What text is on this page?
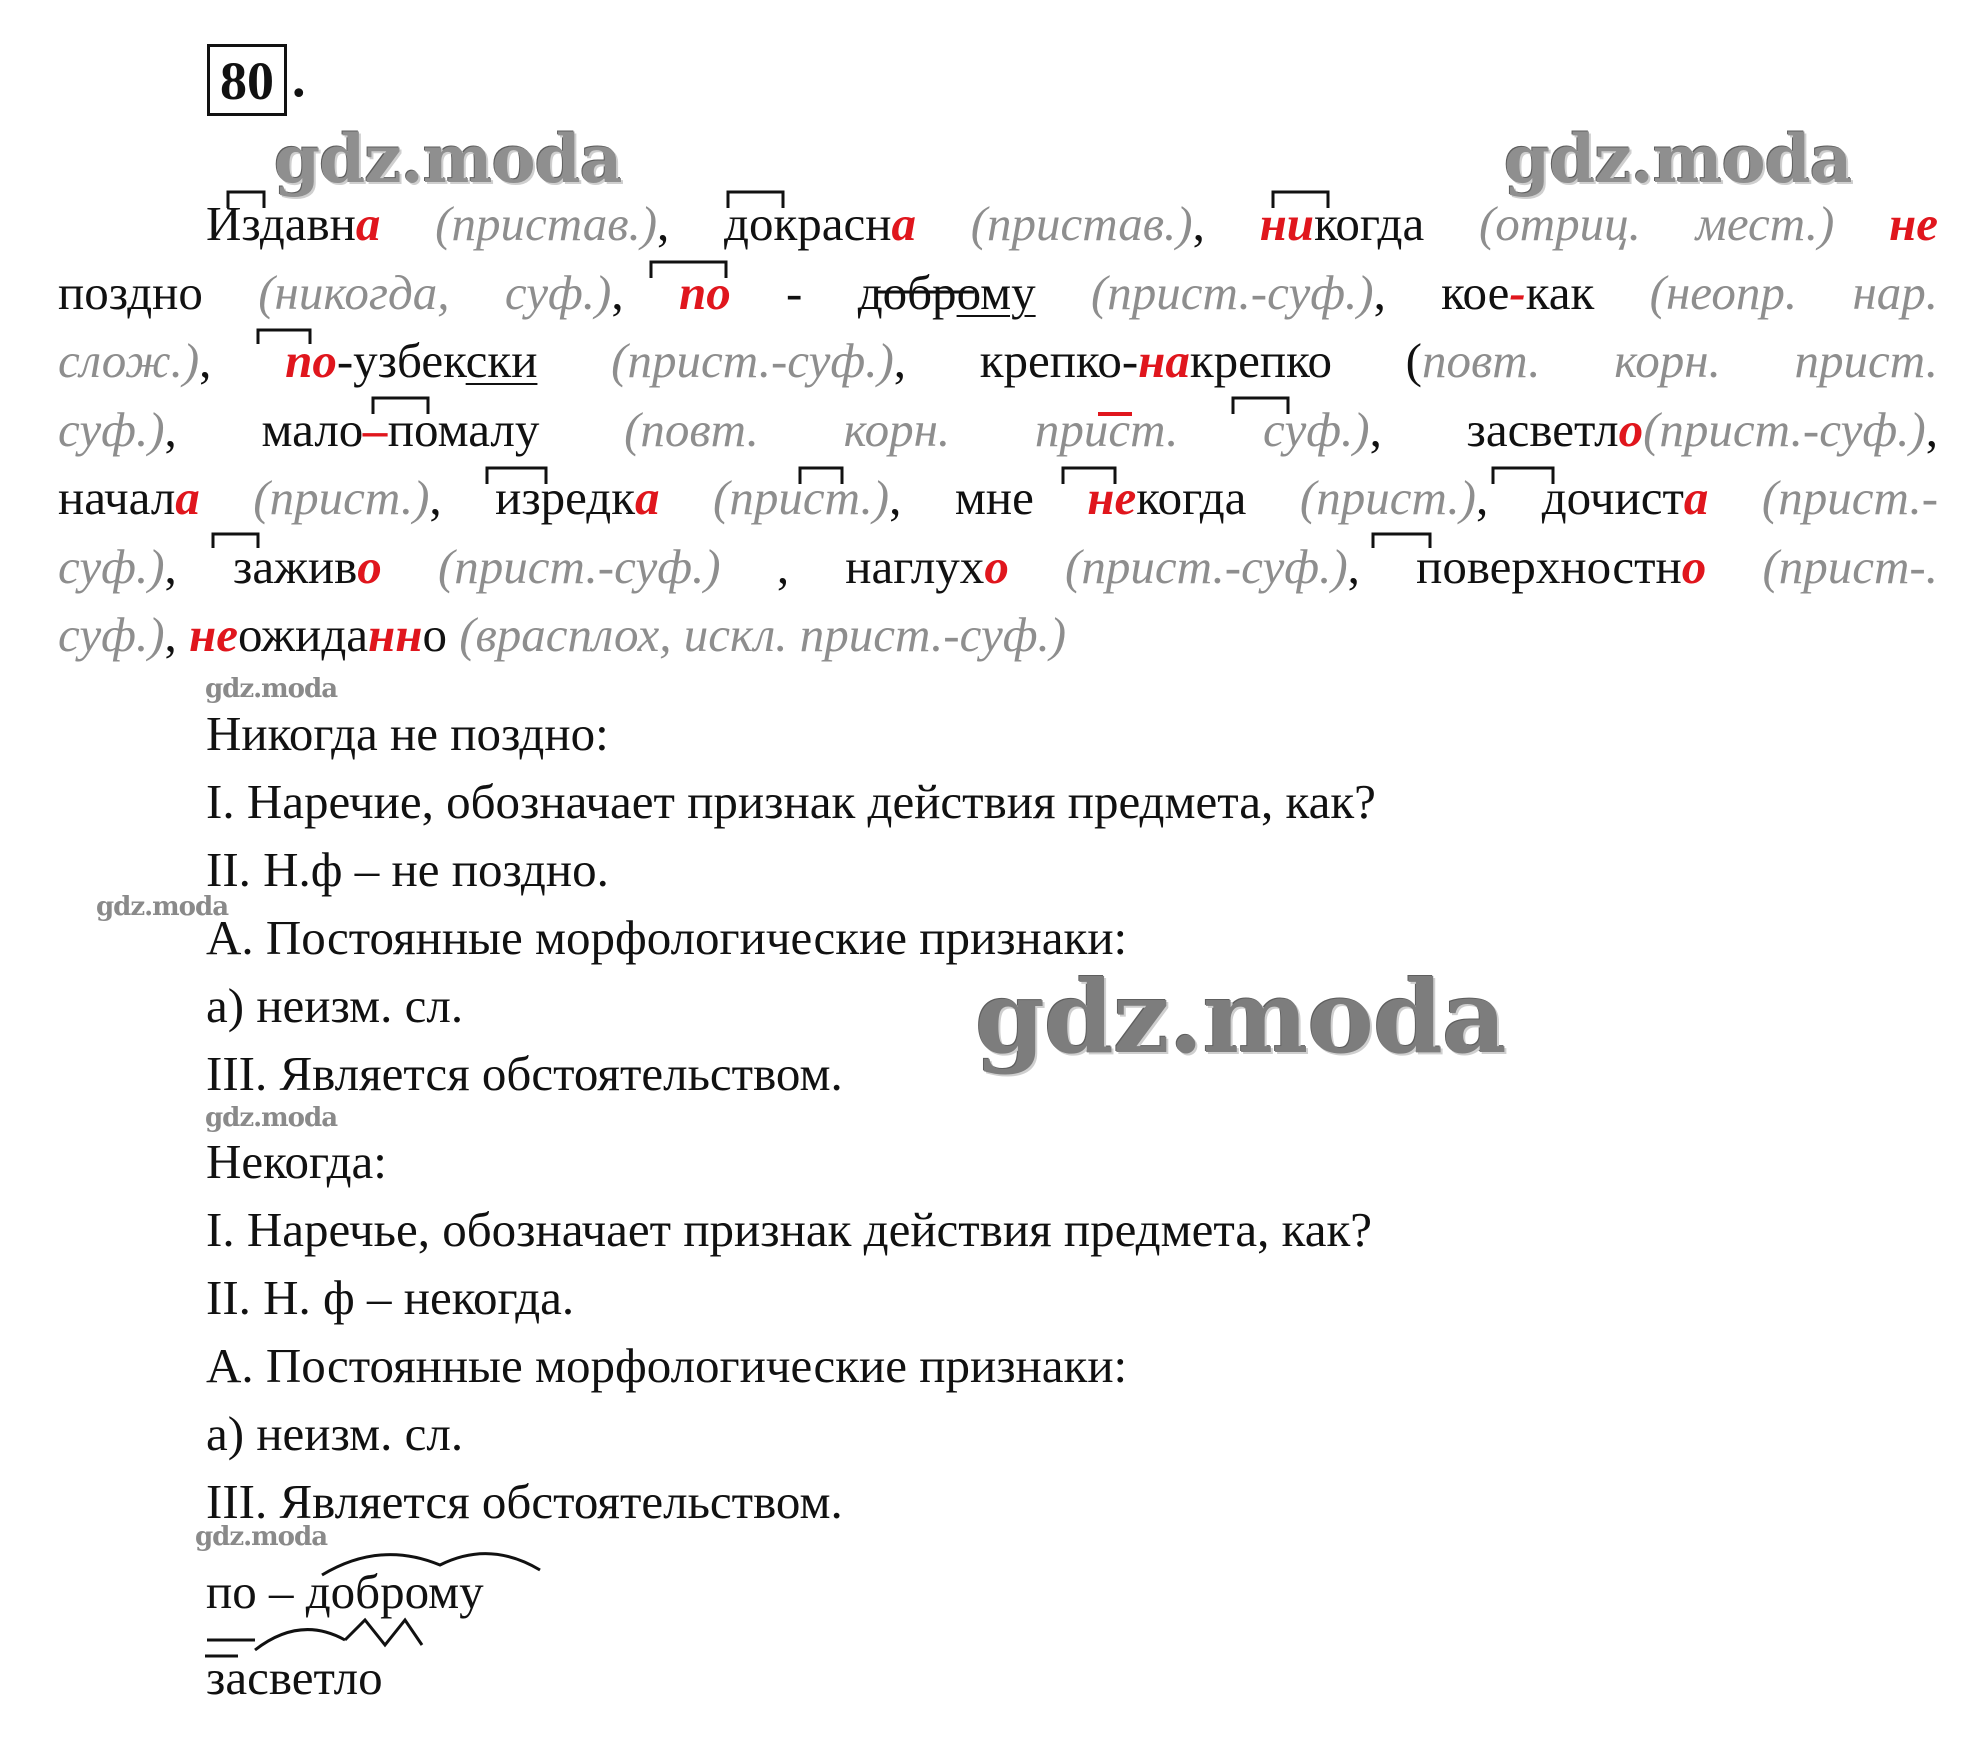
80 .
gdz.moda	gdz.moda
Издавна (пристав.), докрасна (пристав.), никогда (отриц. мест.) не
поздно (никогда, суф.), по - доброму (прист.-суф.), кое-как (неопр. нар.
слож.), по-узбекски (прист.-суф.), крепко-накрепко (повт. корн. прист.
суф.), мало–помалу (повт. корн. прист. суф.), засветло(прист.-суф.),
начала (прист.), изредка (прист.), мне некогда (прист.), дочиста (прист.-
суф.), заживо (прист.-суф.) , наглухо (прист.-суф.), поверхностно (прист-.
суф.), неожиданно (врасплох, искл. прист.-суф.)
gdz.moda
Никогда не поздно:
I. Наречие, обозначает признак действия предмета, как?
II. Н.ф – не поздно.
А. Постоянные морфологические признаки:
а) неизм. сл.
III. Является обстоятельством.
gdz.moda
gdz.moda
gdz.moda
Некогда:
I. Наречье, обозначает признак действия предмета, как?
II. Н. ф – некогда.
А. Постоянные морфологические признаки:
а) неизм. сл.
III. Является обстоятельством.
gdz.moda
по – доброму
засветло
